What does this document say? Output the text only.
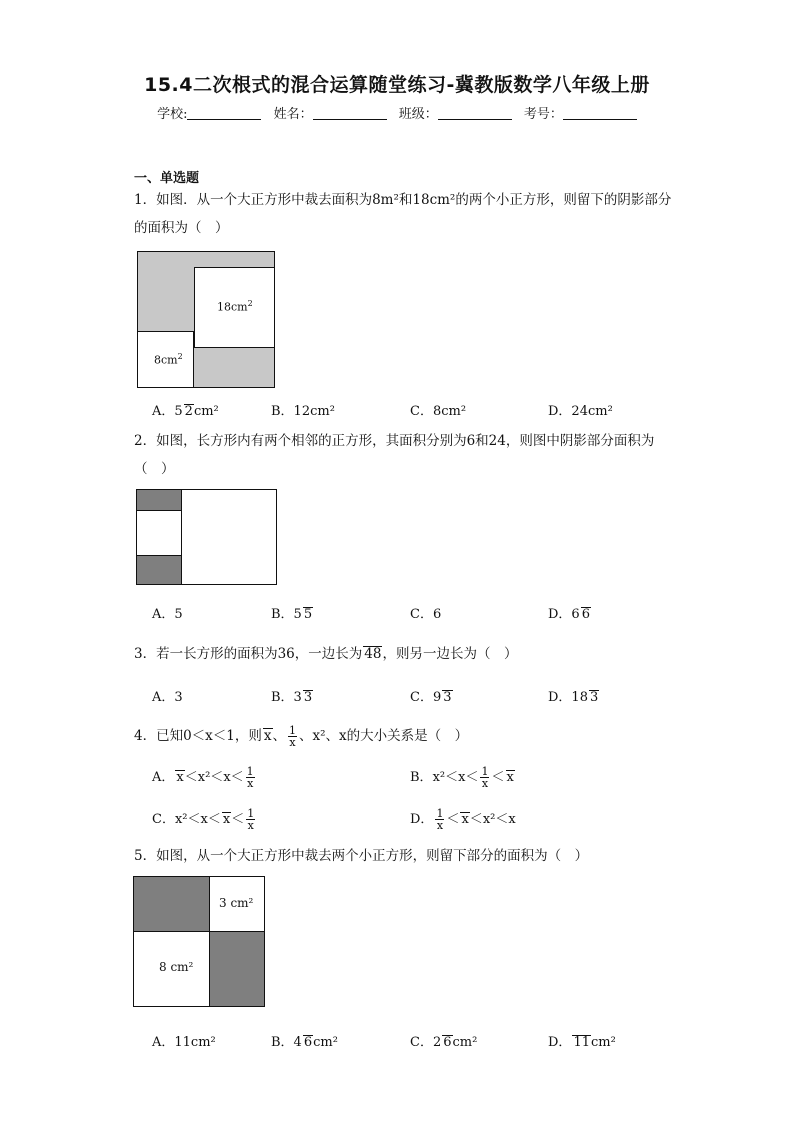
15.4二次根式的混合运算随堂练习-冀教版数学八年级上册
学校:	姓名：	班级：	考号：
一、单选题
1．如图．从一个大正方形中裁去面积为8m²和18cm²的两个小正方形，则留下的阴影部分的面积为（　）
$18cm^2$
$8cm^2$
A．5 2cm²	B．12cm²	C．8cm²	D．24cm²
2．如图，长方形内有两个相邻的正方形，其面积分别为6和24，则图中阴影部分面积为（　）
A．5	B．5 5	C．6	D．6 6
3．若一长方形的面积为36，一边长为 48，则另一边长为（　）
A．3	B．3 3	C．9 3	D．18 3
4．已知0＜x＜1，则 x、 $\frac{1}{x}$ 、x²、x的大小关系是（　）
A． $x<x^2<x< \frac{1}{x}$	B．$x^2<x< \frac{1}{x} < x$
C．$x^2<x< x< \frac{1}{x}$	D． $\frac{1}{x} < x<x^2<x$
5．如图，从一个大正方形中裁去两个小正方形，则留下部分的面积为（　）
3 cm²
8 cm²
A．11cm²	B．4 6cm²	C．2 6cm²	D． 11cm²
